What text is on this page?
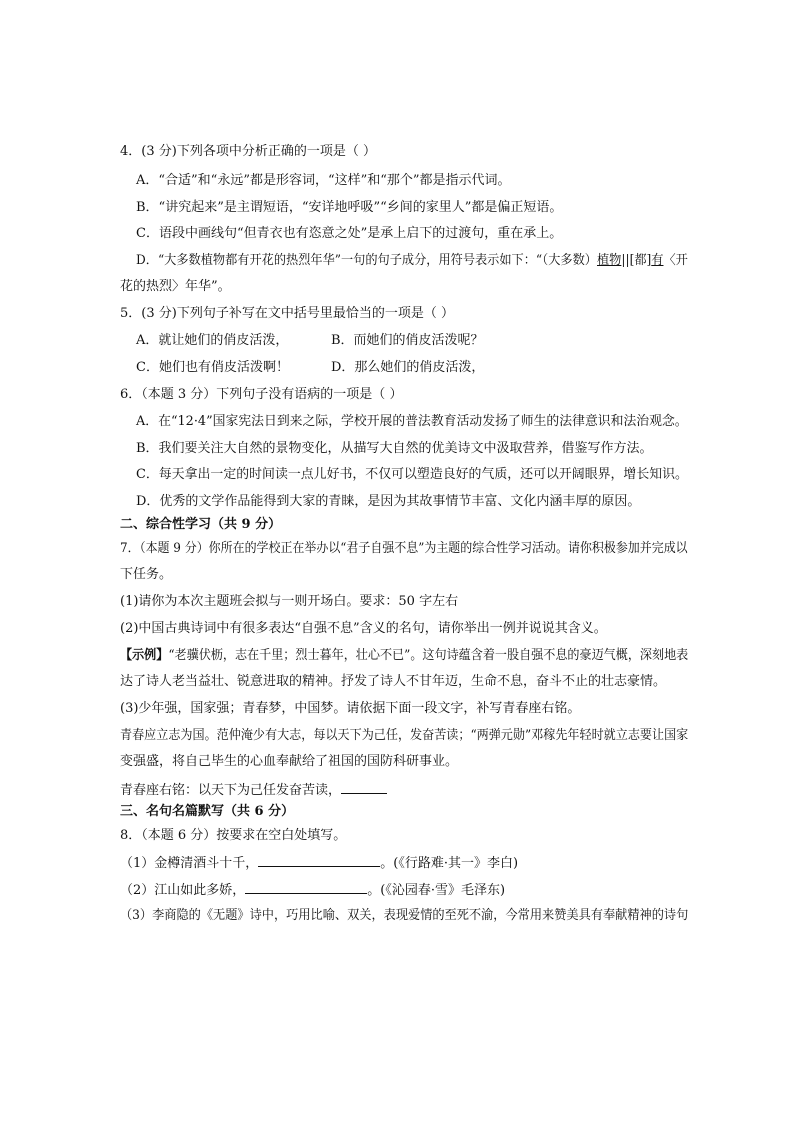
4．(3 分)下列各项中分析正确的一项是（ ）
A．“合适”和“永远”都是形容词，“这样”和“那个”都是指示代词。
B．“讲究起来”是主谓短语，“安详地呼吸”“乡间的家里人”都是偏正短语。
C．语段中画线句“但青衣也有恣意之处”是承上启下的过渡句，重在承上。
D．“大多数植物都有开花的热烈年华”一句的句子成分，用符号表示如下：“（大多数）植物||[都]有〈开
花的热烈〉年华”。
5．(3 分)下列句子补写在文中括号里最恰当的一项是（ ）
A．就让她们的俏皮活泼，	B．而她们的俏皮活泼呢？
C．她们也有俏皮活泼啊！	D．那么她们的俏皮活泼，
6．（本题 3 分）下列句子没有语病的一项是（ ）
A．在“12·4”国家宪法日到来之际，学校开展的普法教育活动发扬了师生的法律意识和法治观念。
B．我们要关注大自然的景物变化，从描写大自然的优美诗文中汲取营养，借鉴写作方法。
C．每天拿出一定的时间读一点儿好书，不仅可以塑造良好的气质，还可以开阔眼界，增长知识。
D．优秀的文学作品能得到大家的青睐，是因为其故事情节丰富、文化内涵丰厚的原因。
二、综合性学习（共 9 分）
7．（本题 9 分）你所在的学校正在举办以“君子自强不息”为主题的综合性学习活动。请你积极参加并完成以
下任务。
(1)请你为本次主题班会拟与一则开场白。要求：50 字左右
(2)中国古典诗词中有很多表达“自强不息”含义的名句，请你举出一例并说说其含义。
【示例】“老骥伏枥，志在千里；烈士暮年，壮心不已”。这句诗蕴含着一股自强不息的豪迈气概，深刻地表
达了诗人老当益壮、锐意进取的精神。抒发了诗人不甘年迈，生命不息，奋斗不止的壮志豪情。
(3)少年强，国家强；青春梦，中国梦。请依据下面一段文字，补写青春座右铭。
青春应立志为国。范仲淹少有大志，每以天下为己任，发奋苦读；“两弹元勋”邓稼先年轻时就立志要让国家
变强盛，将自己毕生的心血奉献给了祖国的国防科研事业。
青春座右铭：以天下为己任发奋苦读，
三、名句名篇默写（共 6 分）
8．（本题 6 分）按要求在空白处填写。
（1）金樽清酒斗十千，	。(《行路难·其一》李白)
（2）江山如此多娇，	。(《沁园春·雪》毛泽东)
（3）李商隐的《无题》诗中，巧用比喻、双关，表现爱情的至死不渝，今常用来赞美具有奉献精神的诗句
